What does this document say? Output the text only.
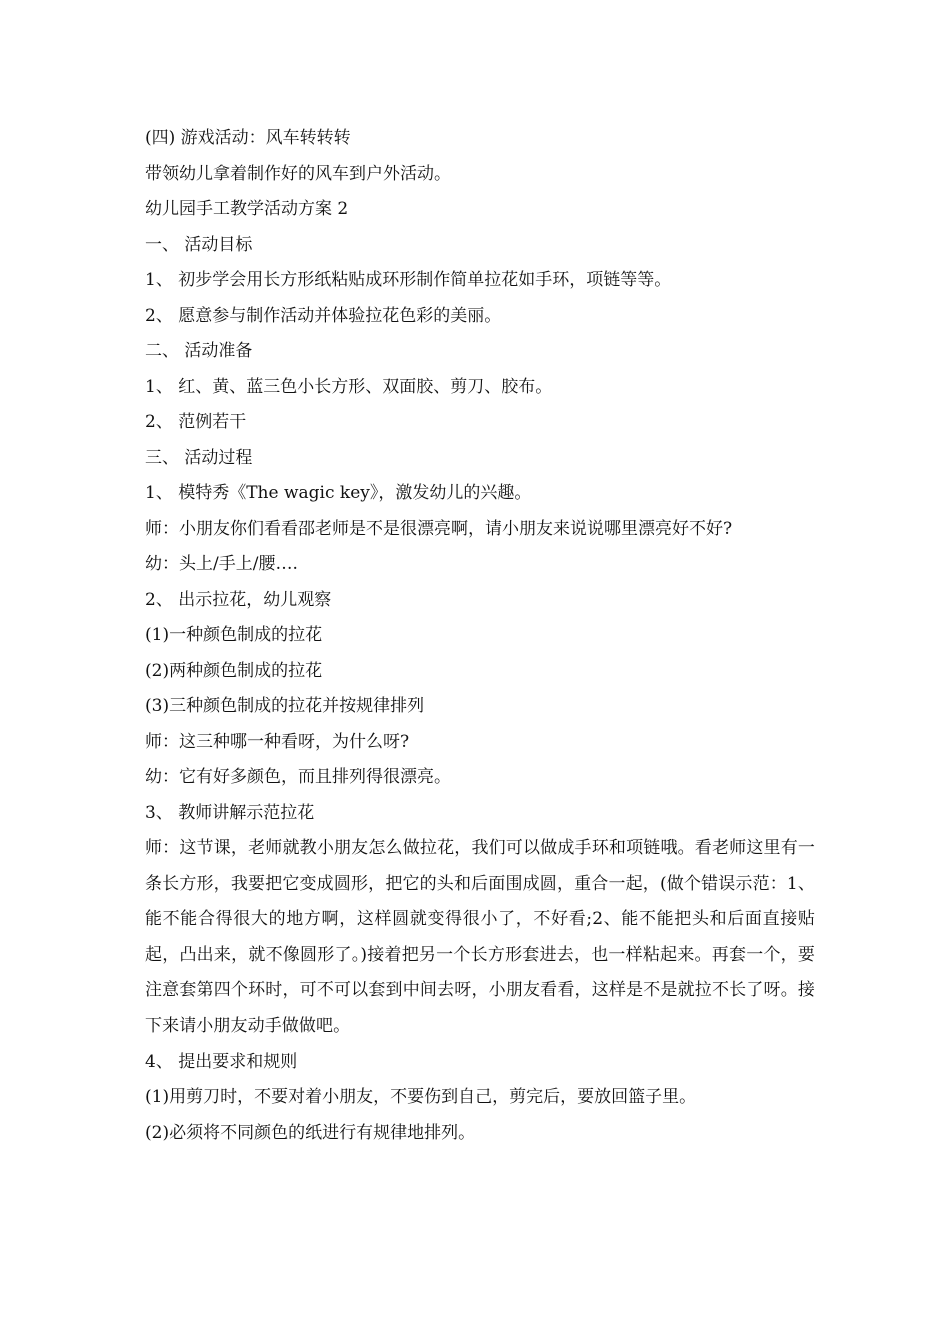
(四) 游戏活动：风车转转转
带领幼儿拿着制作好的风车到户外活动。
幼儿园手工教学活动方案 2
一、 活动目标
1、 初步学会用长方形纸粘贴成环形制作简单拉花如手环，项链等等。
2、 愿意参与制作活动并体验拉花色彩的美丽。
二、 活动准备
1、 红、黄、蓝三色小长方形、双面胶、剪刀、胶布。
2、 范例若干
三、 活动过程
1、 模特秀《The wagic key》，激发幼儿的兴趣。
师：小朋友你们看看邵老师是不是很漂亮啊，请小朋友来说说哪里漂亮好不好?
幼：头上/手上/腰….
2、 出示拉花，幼儿观察
(1)一种颜色制成的拉花
(2)两种颜色制成的拉花
(3)三种颜色制成的拉花并按规律排列
师：这三种哪一种看呀，为什么呀?
幼：它有好多颜色，而且排列得很漂亮。
3、 教师讲解示范拉花
师：这节课，老师就教小朋友怎么做拉花，我们可以做成手环和项链哦。看老师这里有一条长方形，我要把它变成圆形，把它的头和后面围成圆，重合一起，(做个错误示范：1、能不能合得很大的地方啊，这样圆就变得很小了，不好看;2、能不能把头和后面直接贴起，凸出来，就不像圆形了。)接着把另一个长方形套进去，也一样粘起来。再套一个，要注意套第四个环时，可不可以套到中间去呀，小朋友看看，这样是不是就拉不长了呀。接下来请小朋友动手做做吧。
4、 提出要求和规则
(1)用剪刀时，不要对着小朋友，不要伤到自己，剪完后，要放回篮子里。
(2)必须将不同颜色的纸进行有规律地排列。
